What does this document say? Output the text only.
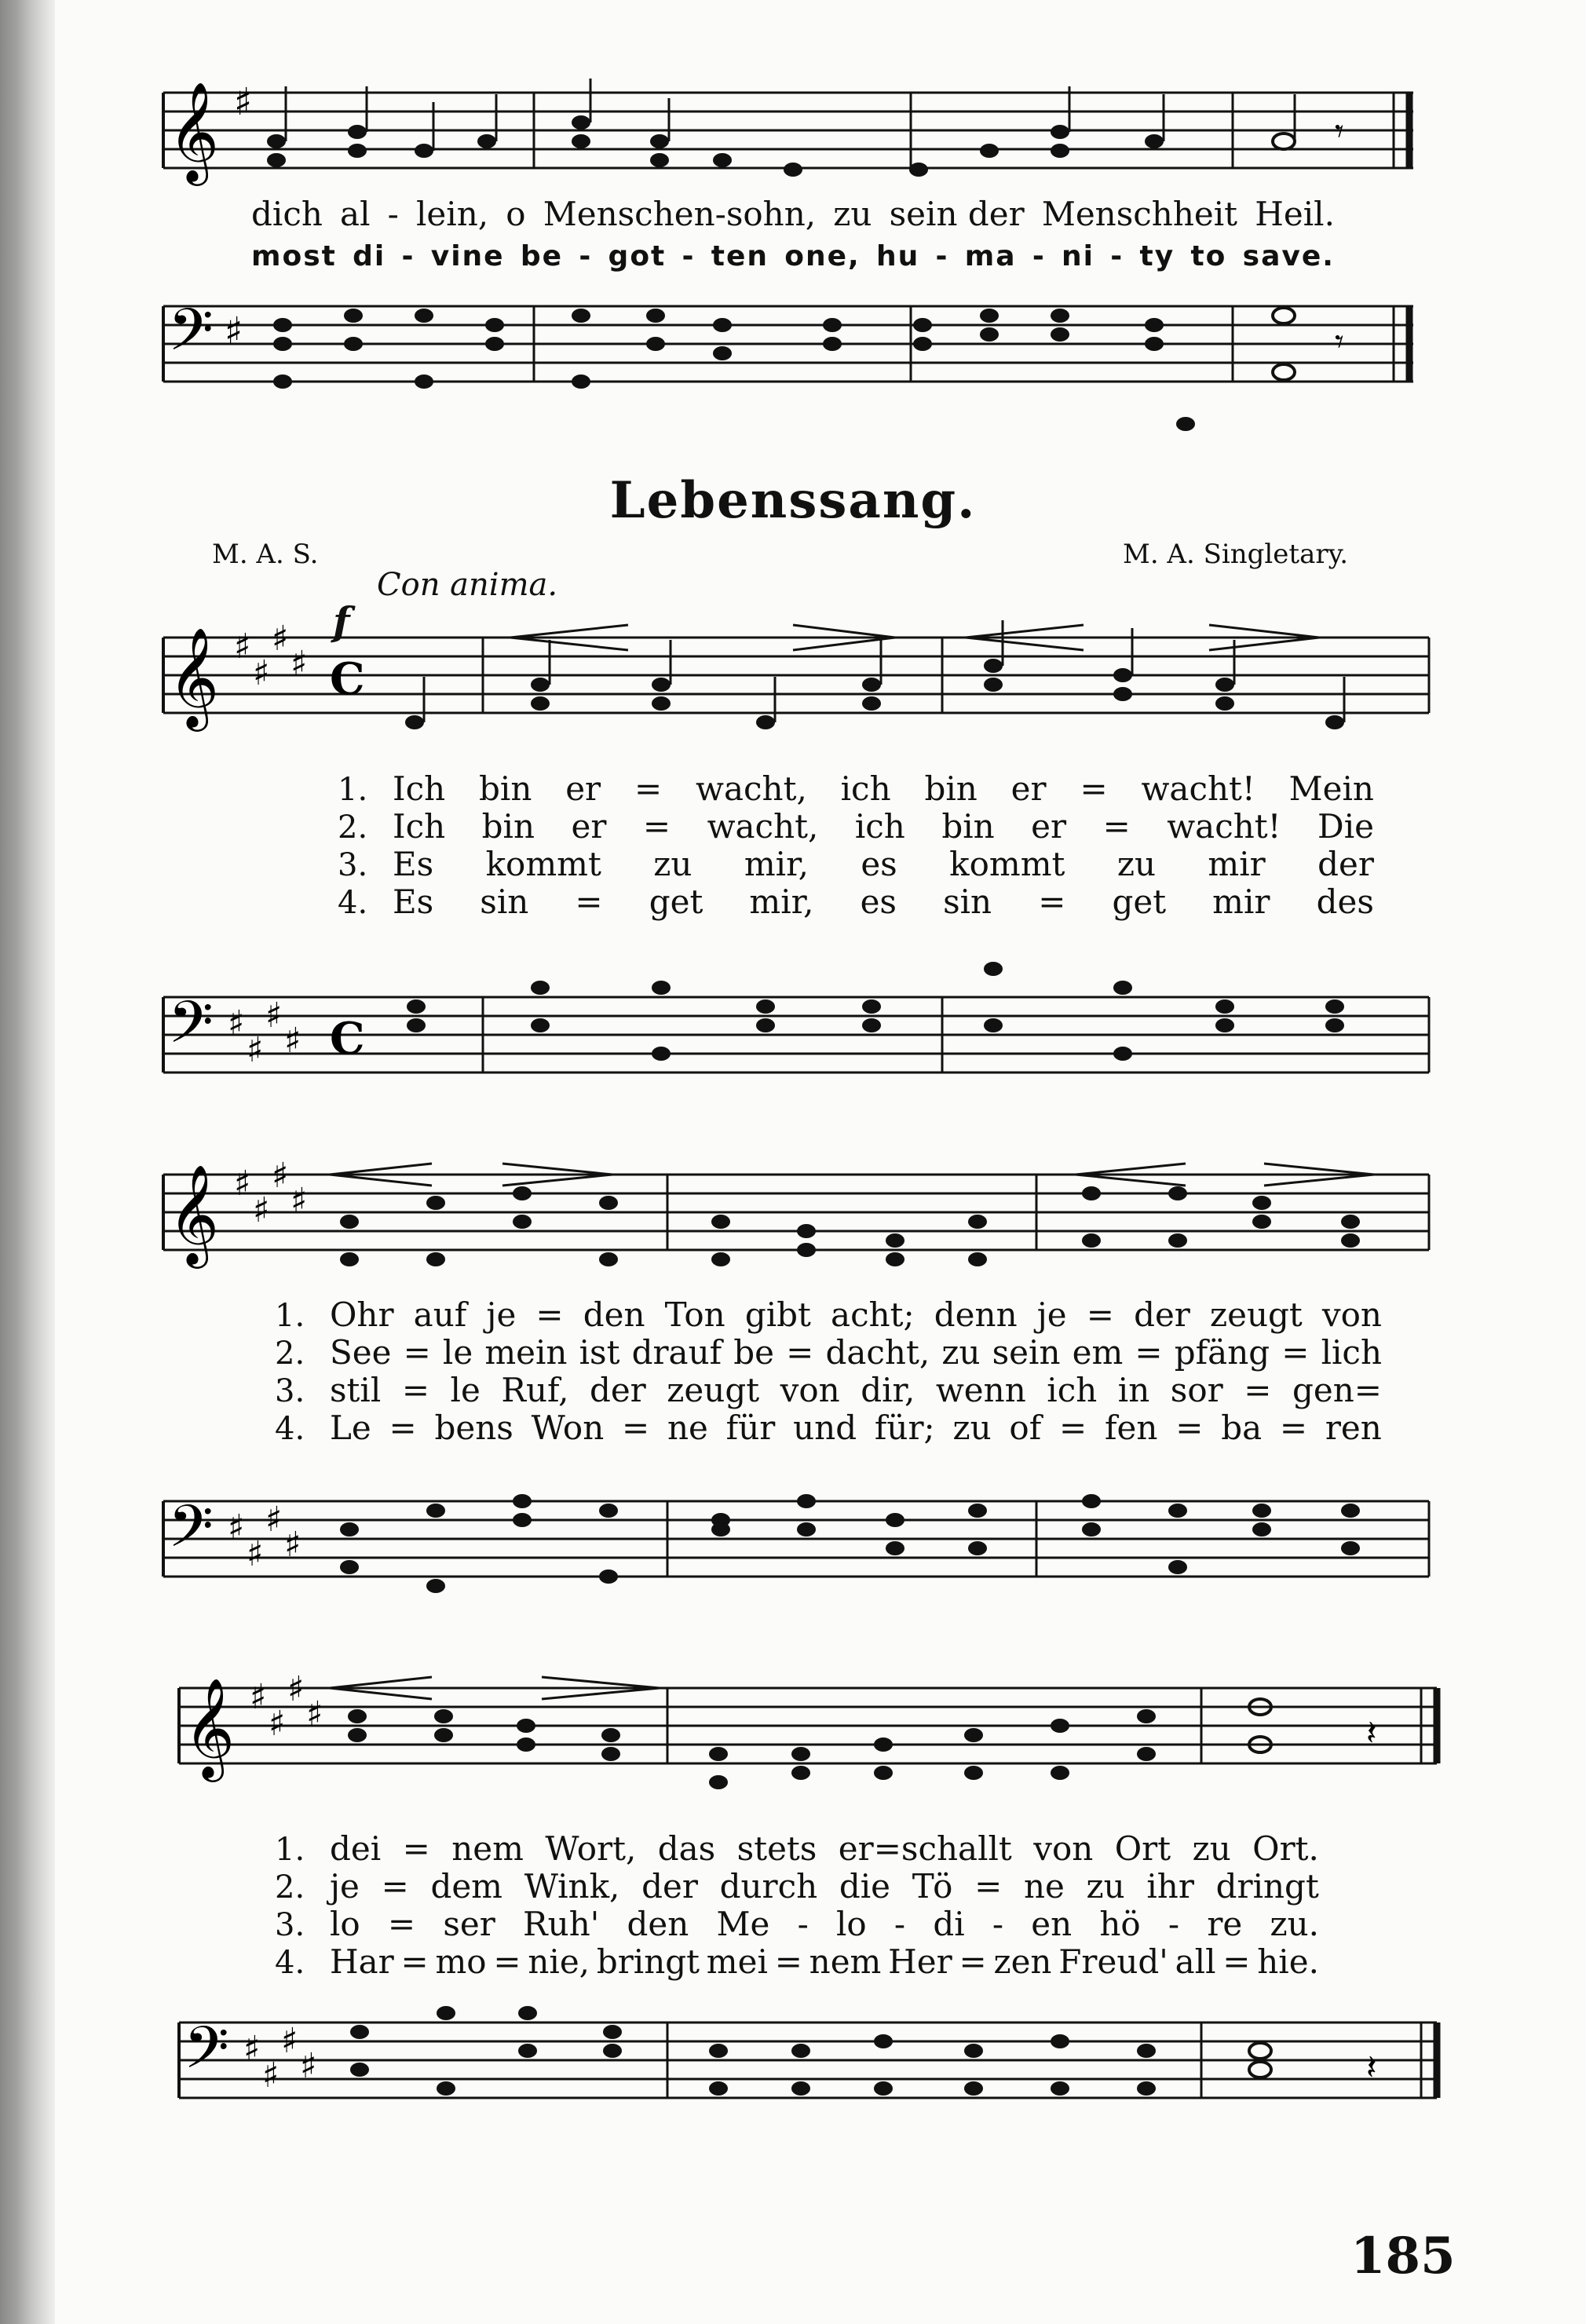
𝄞 ♯
dich al - lein, o Menschen-sohn, zu sein der Menschheit Heil.
most di - vine be - got - ten one, hu - ma - ni - ty to save.
𝄢 ♯	𝄾
𝄾
Lebenssang.
M. A. S.	M. A. Singletary.
Con anima.
f
𝄞 ♯
♯
♯
♯ C
1. Ich bin er = wacht, ich bin er = wacht! Mein
2. Ich bin er = wacht, ich bin er = wacht! Die
3. Es kommt zu mir, es kommt zu mir der
4. Es sin = get mir, es sin = get mir des
𝄢 ♯
♯
♯
♯ C
𝄞 ♯
♯
♯
♯
1. Ohr auf je = den Ton gibt acht; denn je = der zeugt von
2. See = le mein ist drauf be = dacht, zu sein em = pfäng = lich
3. stil = le Ruf, der zeugt von dir, wenn ich in sor = gen=
4. Le = bens Won = ne für und für; zu of = fen = ba = ren
𝄢 ♯
♯
♯
♯
𝄞 ♯
♯
♯
♯	𝄽
1. dei = nem Wort, das stets er=schallt von Ort zu Ort.
2. je = dem Wink, der durch die Tö = ne zu ihr dringt
3. lo = ser Ruh' den Me - lo - di - en hö - re zu.
4. Har = mo = nie, bringt mei = nem Her = zen Freud' all = hie.
𝄢 ♯
♯
♯
♯	𝄽
185
